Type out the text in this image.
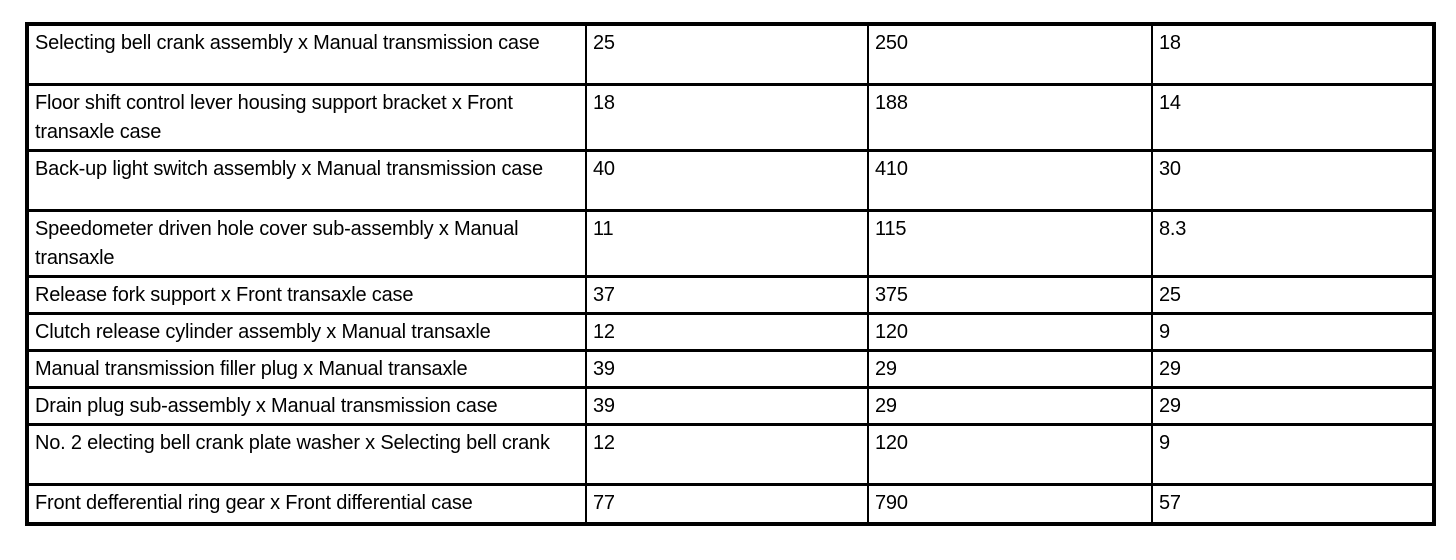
Selecting bell crank assembly x Manual transmission case	25	250	18
Floor shift control lever housing support bracket x Front transaxle case	18	188	14
Back-up light switch assembly x Manual transmission case	40	410	30
Speedometer driven hole cover sub-assembly x Manual transaxle	11	115	8.3
Release fork support x Front transaxle case	37	375	25
Clutch release cylinder assembly x Manual transaxle	12	120	9
Manual transmission filler plug x Manual transaxle	39	29	29
Drain plug sub-assembly x Manual transmission case	39	29	29
No. 2 electing bell crank plate washer x Selecting bell crank	12	120	9
Front defferential ring gear x Front differential case	77	790	57
